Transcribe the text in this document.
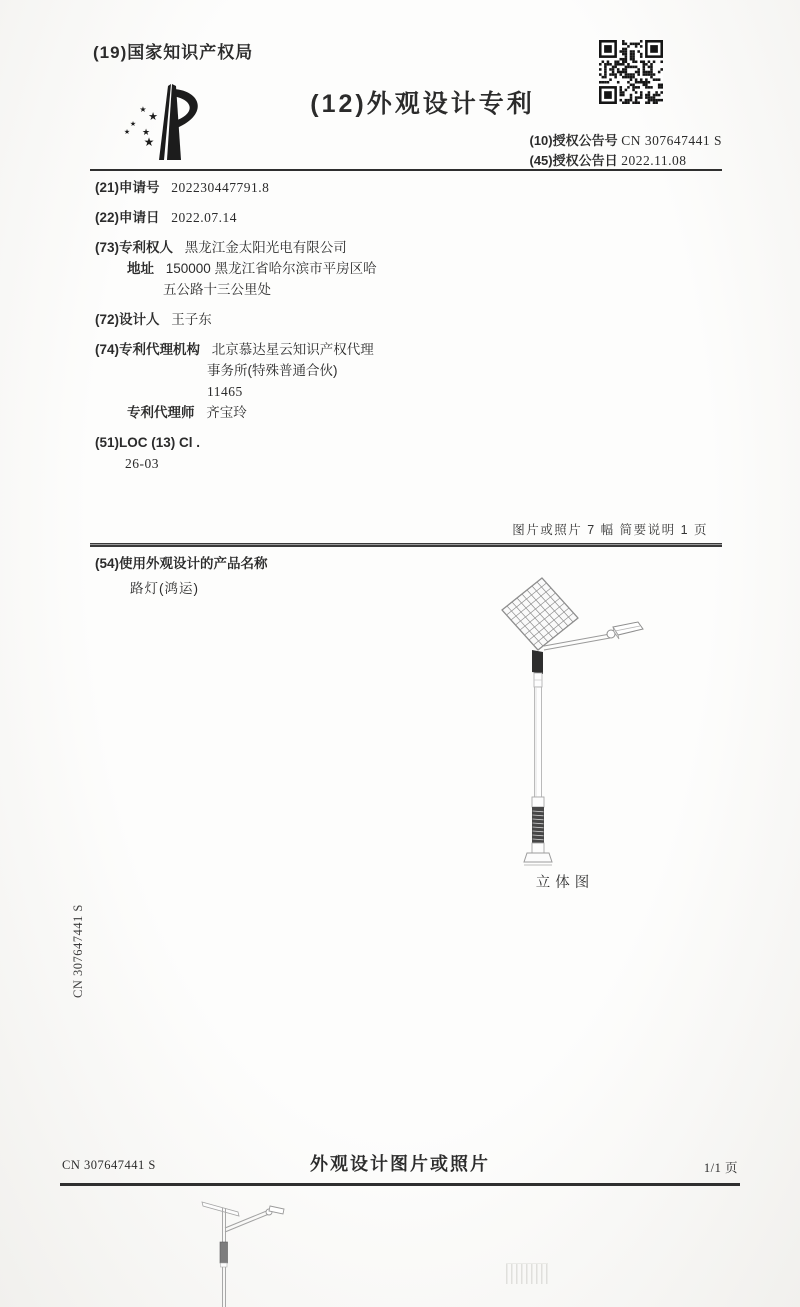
(19)国家知识产权局
★
★
★
★
★
★
(12)外观设计专利
(10)授权公告号 CN 307647441 S
(45)授权公告日 2022.11.08
(21)申请号 202230447791.8
(22)申请日 2022.07.14
(73)专利权人 黑龙江金太阳光电有限公司
地址 150000 黑龙江省哈尔滨市平房区哈
五公路十三公里处
(72)设计人 王子东
(74)专利代理机构 北京慕达星云知识产权代理
事务所(特殊普通合伙)
11465
专利代理师 齐宝玲
(51)LOC (13) Cl .
26-03
图片或照片 7 幅 简要说明 1 页
(54)使用外观设计的产品名称
路灯(鸿运)
立体图
CN 307647441 S
CN 307647441 S	外观设计图片或照片	1/1 页
